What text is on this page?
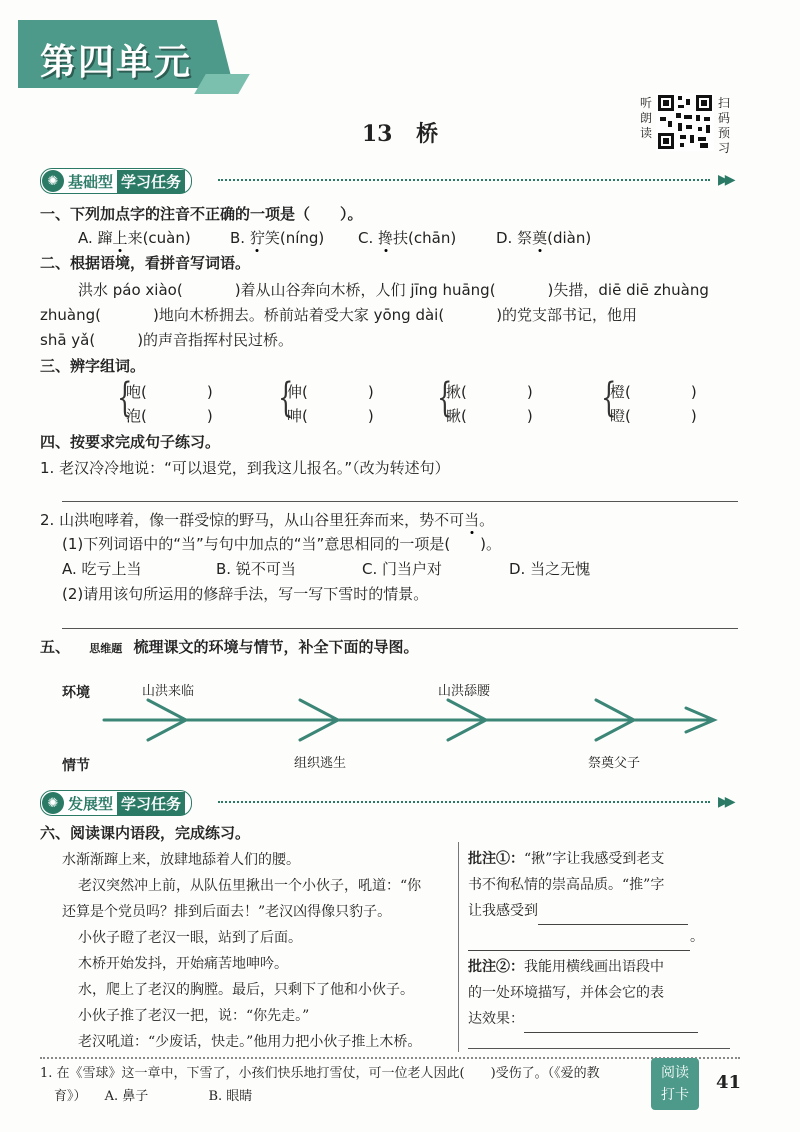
第四单元
13 桥
听朗读
扫码预习
✺ 基础型 学习任务	▶▶
一、下列加点字的注音不正确的一项是（　　）。
A. 蹿上来(cuàn)	B. 狞笑(níng) C. 搀扶(chān)	D. 祭奠(diàn)
二、根据语境，看拼音写词语。
洪水 páo xiào(	)着从山谷奔向木桥，人们 jīng huāng(	)失措，diē diē zhuàng
zhuàng(	)地向木桥拥去。桥前站着受大家 yōng dài(	)的党支部书记，他用
shā yǎ(	)的声音指挥村民过桥。
三、辨字组词。
{
咆(　　　　)
泡(　　　　) {
伸(　　　　)
呻(　　　　) {
揪(　　　　)
瞅(　　　　) {
橙(　　　　)
瞪(　　　　)
四、按要求完成句子练习。
1. 老汉冷冷地说：“可以退党，到我这儿报名。”（改为转述句）
2. 山洪咆哮着，像一群受惊的野马，从山谷里狂奔而来，势不可当。
(1)下列词语中的“当”与句中加点的“当”意思相同的一项是(　　)。
A. 吃亏上当	B. 锐不可当	C. 门当户对	D. 当之无愧
(2)请用该句所运用的修辞手法，写一写下雪时的情景。
五、 思维题 梳理课文的环境与情节，补全下面的导图。
环境
情节
山洪来临	山洪舔腰
组织逃生	祭奠父子
✺ 发展型 学习任务	▶▶
六、阅读课内语段，完成练习。
水渐渐蹿上来，放肆地舔着人们的腰。
老汉突然冲上前，从队伍里揪出一个小伙子，吼道：“你
还算是个党员吗？排到后面去！”老汉凶得像只豹子。
小伙子瞪了老汉一眼，站到了后面。
木桥开始发抖，开始痛苦地呻吟。
水，爬上了老汉的胸膛。最后，只剩下了他和小伙子。
小伙子推了老汉一把，说：“你先走。”
老汉吼道：“少废话，快走。”他用力把小伙子推上木桥。
批注①：“揪”字让我感受到老支
书不徇私情的崇高品质。“推”字
让我感受到
。
批注②：我能用横线画出语段中
的一处环境描写，并体会它的表
达效果：
1. 在《雪球》这一章中，下雪了，小孩们快乐地打雪仗，可一位老人因此(　　)受伤了。（《爱的教
育》） A. 鼻子	B. 眼睛
阅读
打卡
41
